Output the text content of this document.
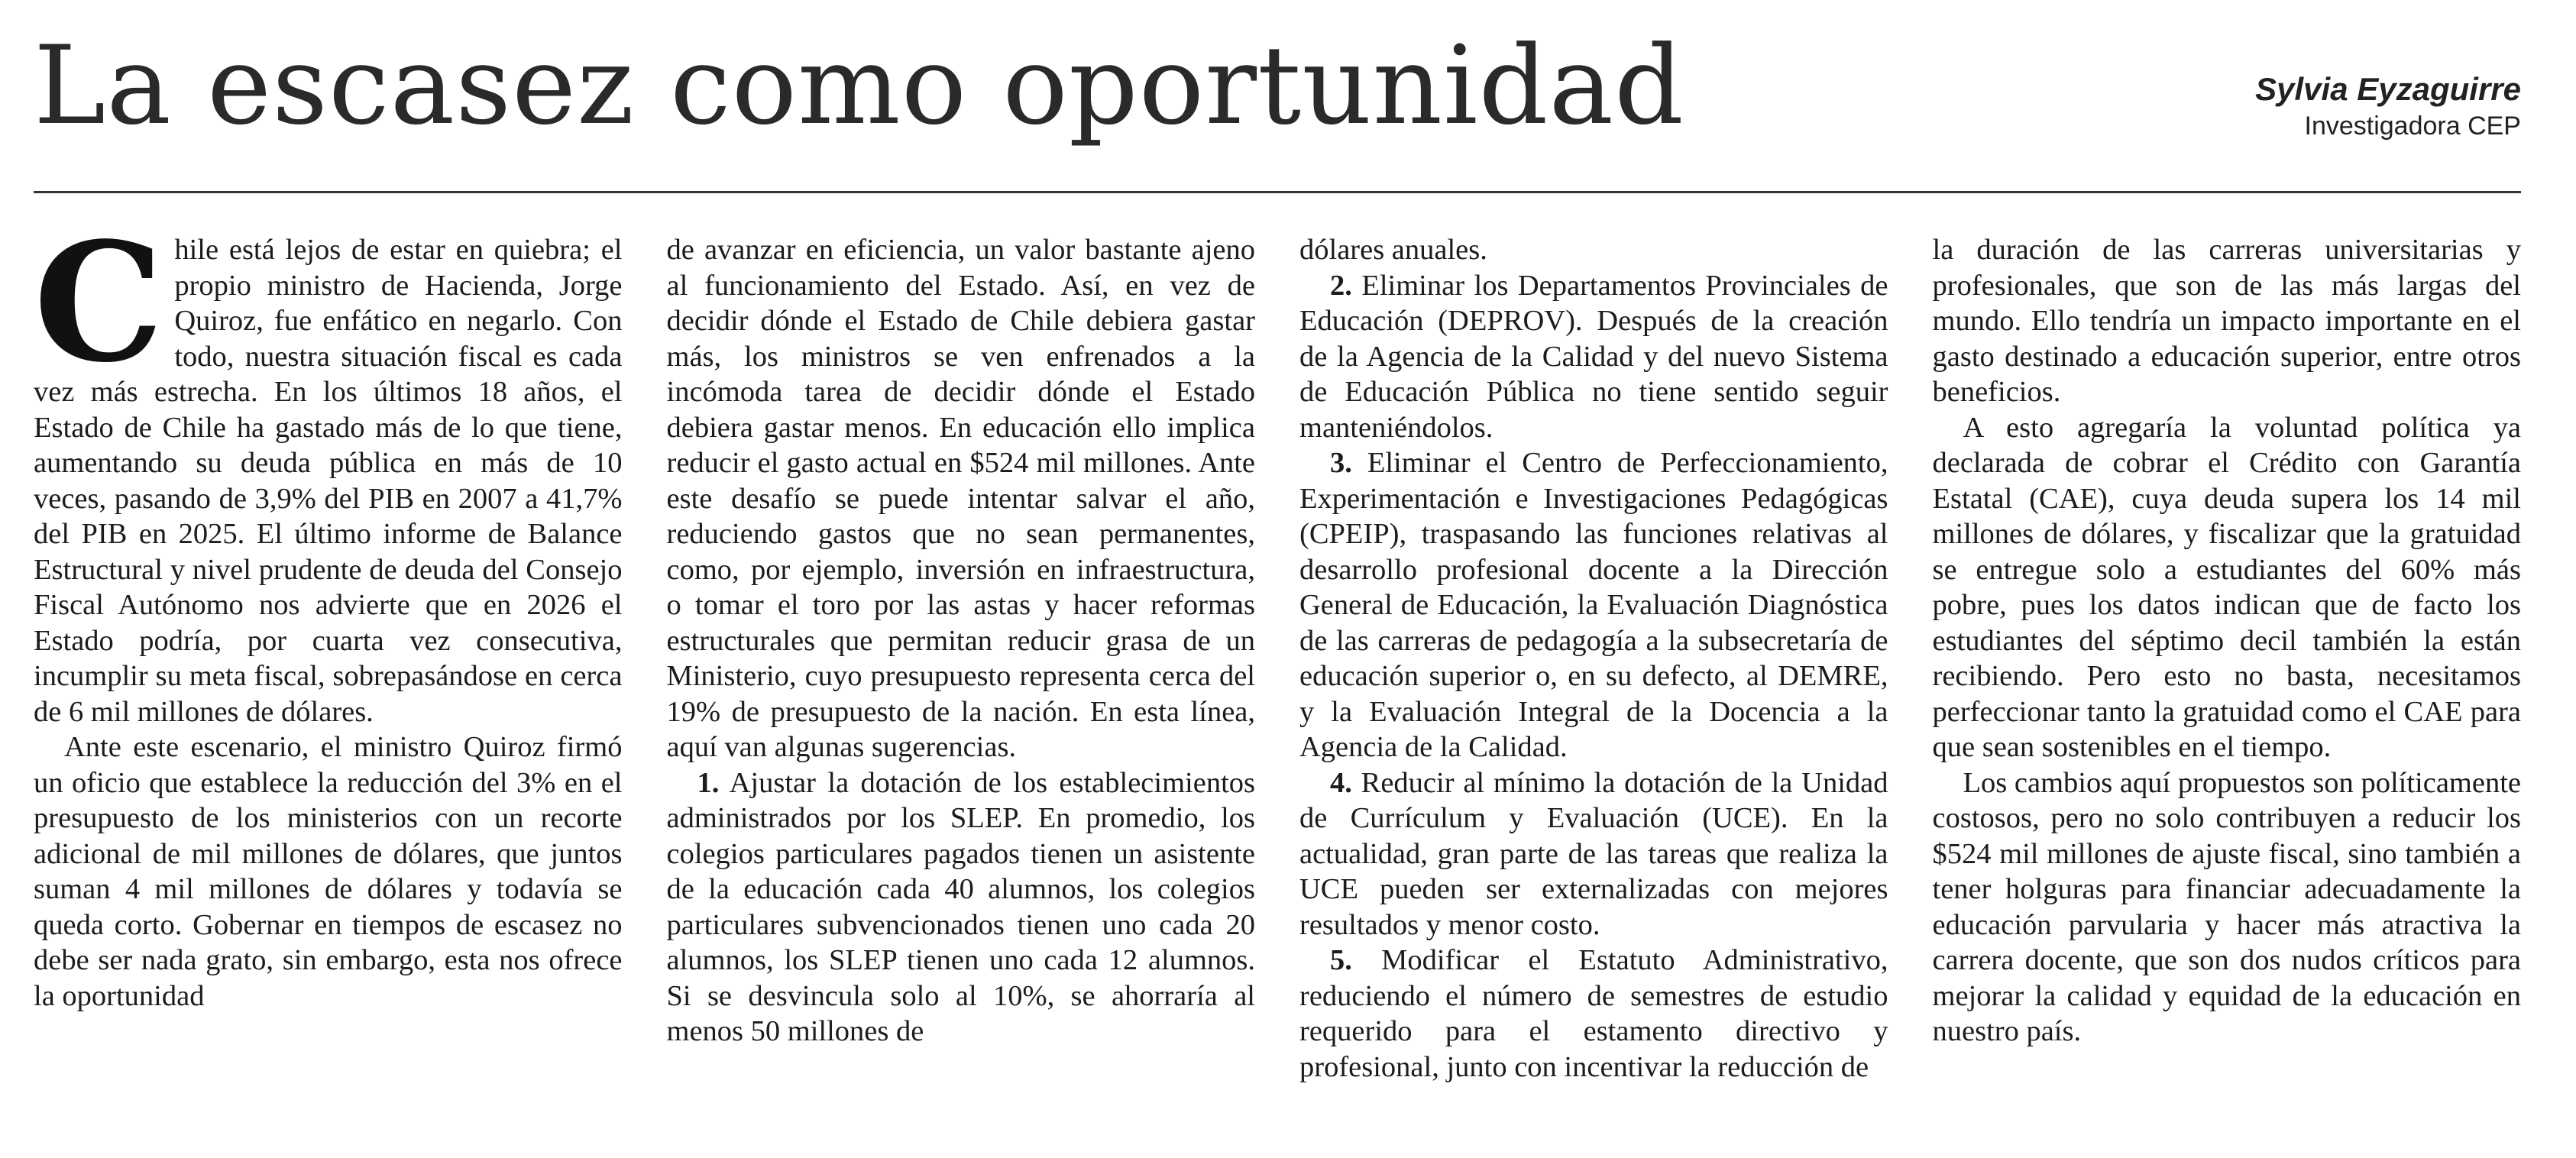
La escasez como oportunidad	Sylvia Eyzaguirre
Investigadora CEP

Chile está lejos de estar en quiebra; el propio ministro de Hacienda, Jorge Quiroz, fue enfático en negarlo. Con todo, nuestra situación fiscal es cada vez más estrecha. En los últimos 18 años, el Estado de Chile ha gastado más de lo que tiene, aumentando su deuda pública en más de 10 veces, pasando de 3,9% del PIB en 2007 a 41,7% del PIB en 2025. El último informe de Balance Estructural y nivel prudente de deuda del Consejo Fiscal Autónomo nos advierte que en 2026 el Estado podría, por cuarta vez consecutiva, incumplir su meta fiscal, sobrepasándose en cerca de 6 mil millones de dólares.

Ante este escenario, el ministro Quiroz firmó un oficio que establece la reducción del 3% en el presupuesto de los ministerios con un recorte adicional de mil millones de dólares, que juntos suman 4 mil millones de dólares y todavía se queda corto. Gobernar en tiempos de escasez no debe ser nada grato, sin embargo, esta nos ofrece la oportunidad

de avanzar en eficiencia, un valor bastante ajeno al funcionamiento del Estado. Así, en vez de decidir dónde el Estado de Chile debiera gastar más, los ministros se ven enfrenados a la incómoda tarea de decidir dónde el Estado debiera gastar menos. En educación ello implica reducir el gasto actual en $524 mil millones. Ante este desafío se puede intentar salvar el año, reduciendo gastos que no sean permanentes, como, por ejemplo, inversión en infraestructura, o tomar el toro por las astas y hacer reformas estructurales que permitan reducir grasa de un Ministerio, cuyo presupuesto representa cerca del 19% de presupuesto de la nación. En esta línea, aquí van algunas sugerencias.

1. Ajustar la dotación de los establecimientos administrados por los SLEP. En promedio, los colegios particulares pagados tienen un asistente de la educación cada 40 alumnos, los colegios particulares subvencionados tienen uno cada 20 alumnos, los SLEP tienen uno cada 12 alumnos. Si se desvincula solo al 10%, se ahorraría al menos 50 millones de

dólares anuales.

2. Eliminar los Departamentos Provinciales de Educación (DEPROV). Después de la creación de la Agencia de la Calidad y del nuevo Sistema de Educación Pública no tiene sentido seguir manteniéndolos.

3. Eliminar el Centro de Perfeccionamiento, Experimentación e Investigaciones Pedagógicas (CPEIP), traspasando las funciones relativas al desarrollo profesional docente a la Dirección General de Educación, la Evaluación Diagnóstica de las carreras de pedagogía a la subsecretaría de educación superior o, en su defecto, al DEMRE, y la Evaluación Integral de la Docencia a la Agencia de la Calidad.

4. Reducir al mínimo la dotación de la Unidad de Currículum y Evaluación (UCE). En la actualidad, gran parte de las tareas que realiza la UCE pueden ser externalizadas con mejores resultados y menor costo.

5. Modificar el Estatuto Administrativo, reduciendo el número de semestres de estudio requerido para el estamento directivo y profesional, junto con incentivar la reducción de

la duración de las carreras universitarias y profesionales, que son de las más largas del mundo. Ello tendría un impacto importante en el gasto destinado a educación superior, entre otros beneficios.

A esto agregaría la voluntad política ya declarada de cobrar el Crédito con Garantía Estatal (CAE), cuya deuda supera los 14 mil millones de dólares, y fiscalizar que la gratuidad se entregue solo a estudiantes del 60% más pobre, pues los datos indican que de facto los estudiantes del séptimo decil también la están recibiendo. Pero esto no basta, necesitamos perfeccionar tanto la gratuidad como el CAE para que sean sostenibles en el tiempo.

Los cambios aquí propuestos son políticamente costosos, pero no solo contribuyen a reducir los $524 mil millones de ajuste fiscal, sino también a tener holguras para financiar adecuadamente la educación parvularia y hacer más atractiva la carrera docente, que son dos nudos críticos para mejorar la calidad y equidad de la educación en nuestro país.
